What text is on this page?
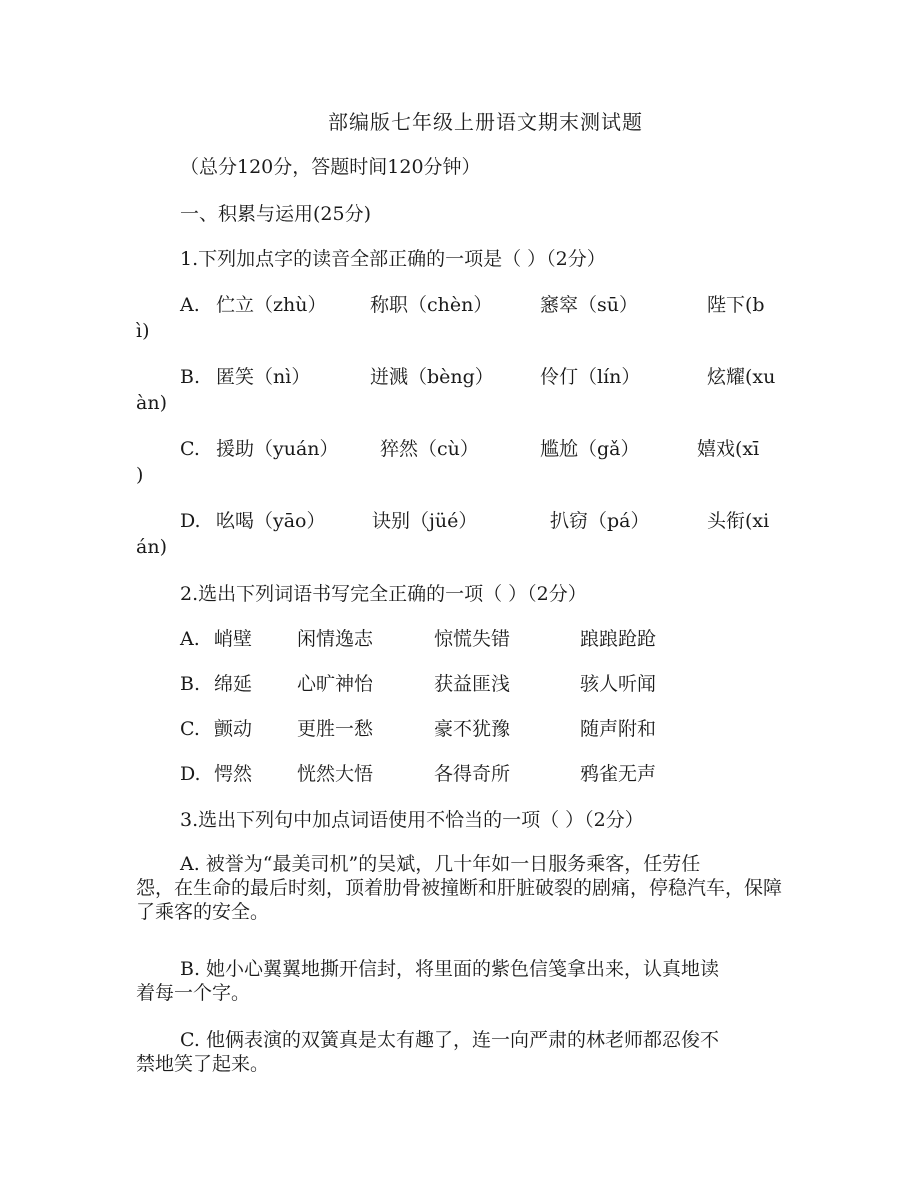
部编版七年级上册语文期末测试题
（总分120分，答题时间120分钟）
一、积累与运用(25分)
1.下列加点字的读音全部正确的一项是（ ）（2分）
A. 伫立（zhù） 称职（chèn）	窸窣（sū）	陛下(b
ì)
B. 匿笑（nì）	迸溅（bèng） 伶仃（lín）	炫耀(xu
àn)
C. 援助（yuán） 猝然（cù）	尴尬（gǎ）	嬉戏(xī
)
D. 吆喝（yāo） 诀别（jüé）	扒窃（pá）	头衔(xi
án)
2.选出下列词语书写完全正确的一项（ ）（2分）
A. 峭壁 闲情逸志	惊慌失错	踉踉跄跄
B. 绵延 心旷神怡	获益匪浅	骇人听闻
C. 颤动 更胜一愁	豪不犹豫	随声附和
D. 愕然 恍然大悟	各得奇所	鸦雀无声
3.选出下列句中加点词语使用不恰当的一项（ ）（2分）
A. 被誉为“最美司机”的吴斌，几十年如一日服务乘客，任劳任
怨，在生命的最后时刻，顶着肋骨被撞断和肝脏破裂的剧痛，停稳汽车，保障了乘客的安全。
B. 她小心翼翼地撕开信封，将里面的紫色信笺拿出来，认真地读
着每一个字。
C. 他俩表演的双簧真是太有趣了，连一向严肃的林老师都忍俊不
禁地笑了起来。
